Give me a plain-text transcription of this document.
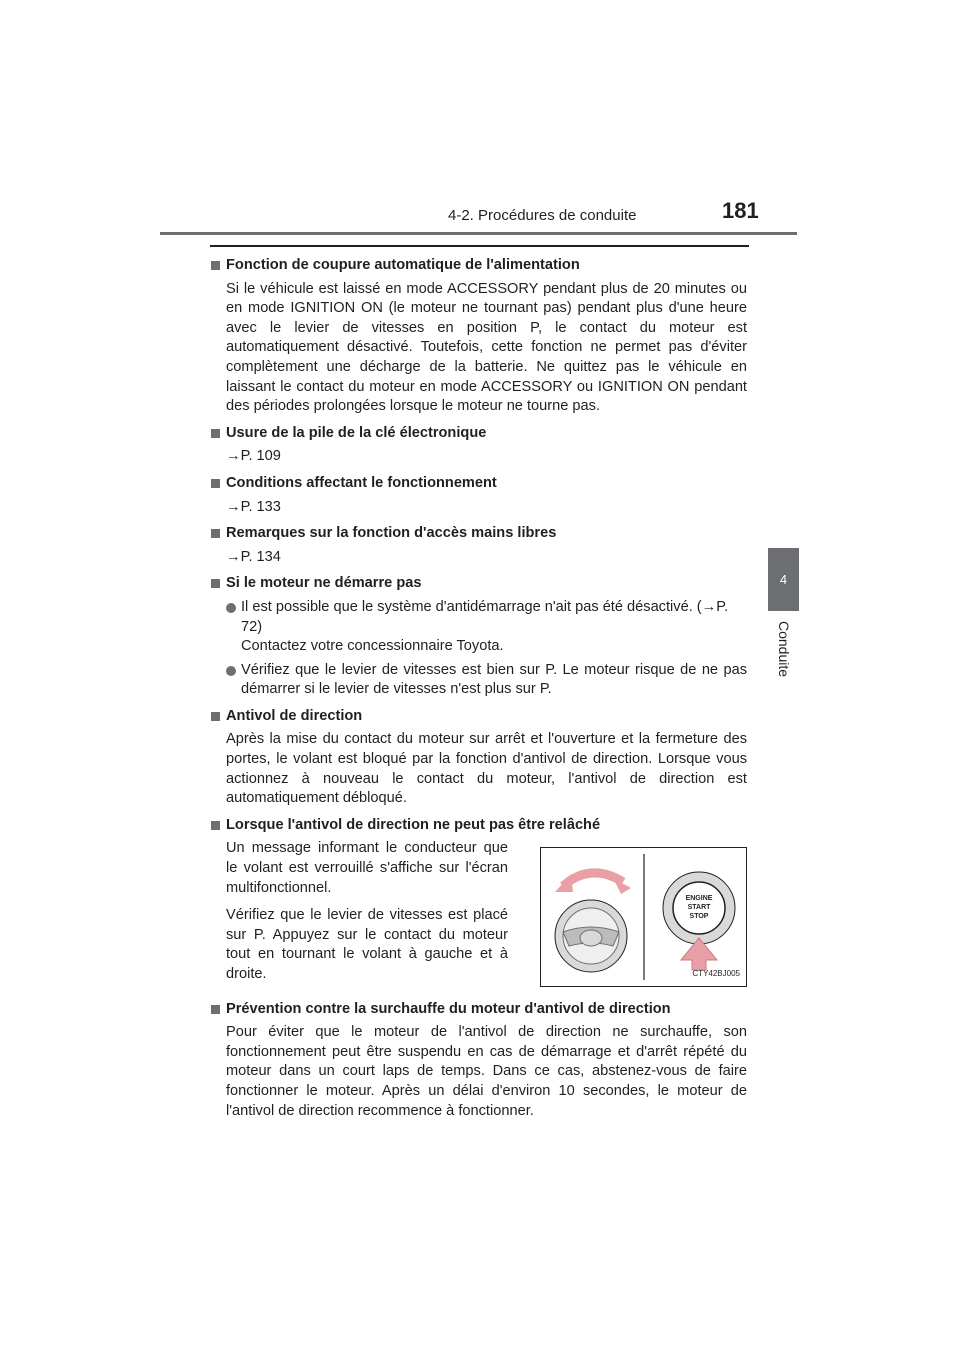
4-2. Procédures de conduite	181
4
Conduite
Fonction de coupure automatique de l'alimentation
Si le véhicule est laissé en mode ACCESSORY pendant plus de 20 minutes ou en mode IGNITION ON (le moteur ne tournant pas) pendant plus d'une heure avec le levier de vitesses en position P, le contact du moteur est automatiquement désactivé. Toutefois, cette fonction ne permet pas d'éviter complètement une décharge de la batterie. Ne quittez pas le véhicule en laissant le contact du moteur en mode ACCESSORY ou IGNITION ON pendant des périodes prolongées lorsque le moteur ne tourne pas.
Usure de la pile de la clé électronique
→P. 109
Conditions affectant le fonctionnement
→P. 133
Remarques sur la fonction d'accès mains libres
→P. 134
Si le moteur ne démarre pas
Il est possible que le système d'antidémarrage n'ait pas été désactivé. (→P. 72)
Contactez votre concessionnaire Toyota.
Vérifiez que le levier de vitesses est bien sur P. Le moteur risque de ne pas démarrer si le levier de vitesses n'est plus sur P.
Antivol de direction
Après la mise du contact du moteur sur arrêt et l'ouverture et la fermeture des portes, le volant est bloqué par la fonction d'antivol de direction. Lorsque vous actionnez à nouveau le contact du moteur, l'antivol de direction est automatiquement débloqué.
Lorsque l'antivol de direction ne peut pas être relâché
Un message informant le conducteur que le volant est verrouillé s'affiche sur l'écran multifonctionnel.
Vérifiez que le levier de vitesses est placé sur P. Appuyez sur le contact du moteur tout en tournant le volant à gauche et à droite.
ENGINE
START
STOP
CTY42BJ005
Prévention contre la surchauffe du moteur d'antivol de direction
Pour éviter que le moteur de l'antivol de direction ne surchauffe, son fonctionnement peut être suspendu en cas de démarrage et d'arrêt répété du moteur dans un court laps de temps. Dans ce cas, abstenez-vous de faire fonctionner le moteur. Après un délai d'environ 10 secondes, le moteur de l'antivol de direction recommence à fonctionner.
